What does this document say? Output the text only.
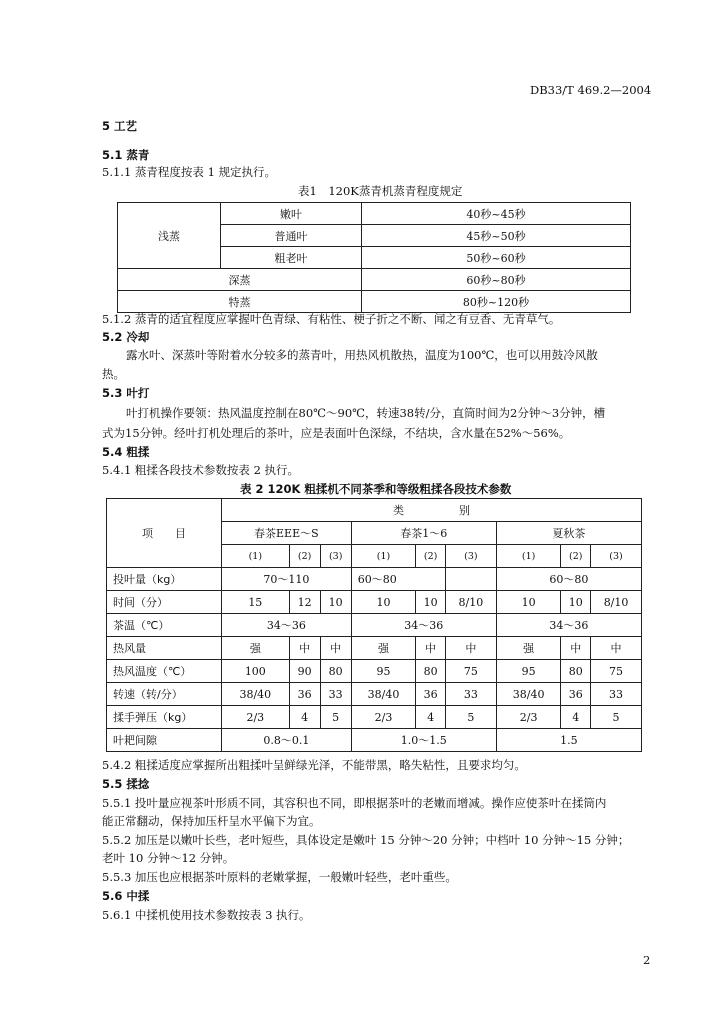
DB33/T 469.2—2004
5 工艺
5.1 蒸青
5.1.1 蒸青程度按表 1 规定执行。
表1　120K蒸青机蒸青程度规定
浅蒸	嫩叶	40秒~45秒
	普通叶	45秒~50秒
	粗老叶	50秒~60秒
深蒸		60秒~80秒
特蒸		80秒~120秒
5.1.2 蒸青的适宜程度应掌握叶色青绿、有粘性、梗子折之不断、闻之有豆香、无青草气。
5.2 冷却
露水叶、深蒸叶等附着水分较多的蒸青叶，用热风机散热，温度为100℃，也可以用鼓冷风散
热。
5.3 叶打
叶打机操作要领：热风温度控制在80℃～90℃，转速38转/分，直筒时间为2分钟～3分钟，槽
式为15分钟。经叶打机处理后的茶叶，应是表面叶色深绿，不结块，含水量在52%～56%。
5.4 粗揉
5.4.1 粗揉各段技术参数按表 2 执行。
表 2 120K 粗揉机不同茶季和等级粗揉各段技术参数
项　　目	类　　　　　别								
	春茶EEE～S			春茶1～6			夏秋茶		
	(1)	(2)	(3)	(1)	(2)	(3)	(1)	(2)	(3)
投叶量（kg）	70～110			60～80			60～80		
时间（分）	15	12	10	10	10	8/10	10	10	8/10
茶温（℃）	34～36			34～36			34～36		
热风量	强	中	中	强	中	中	强	中	中
热风温度（℃）	100	90	80	95	80	75	95	80	75
转速（转/分）	38/40	36	33	38/40	36	33	38/40	36	33
揉手弹压（kg）	2/3	4	5	2/3	4	5	2/3	4	5
叶耙间隙	0.8～0.1			1.0～1.5			1.5		
5.4.2 粗揉适度应掌握所出粗揉叶呈鲜绿光泽，不能带黑，略失粘性，且要求均匀。
5.5 揉捻
5.5.1 投叶量应视茶叶形质不同，其容积也不同，即根据茶叶的老嫩而增减。操作应使茶叶在揉筒内
能正常翻动，保持加压杆呈水平偏下为宜。
5.5.2 加压是以嫩叶长些，老叶短些，具体设定是嫩叶 15 分钟～20 分钟；中档叶 10 分钟～15 分钟；
老叶 10 分钟～12 分钟。
5.5.3 加压也应根据茶叶原料的老嫩掌握，一般嫩叶轻些，老叶重些。
5.6 中揉
5.6.1 中揉机使用技术参数按表 3 执行。
2
